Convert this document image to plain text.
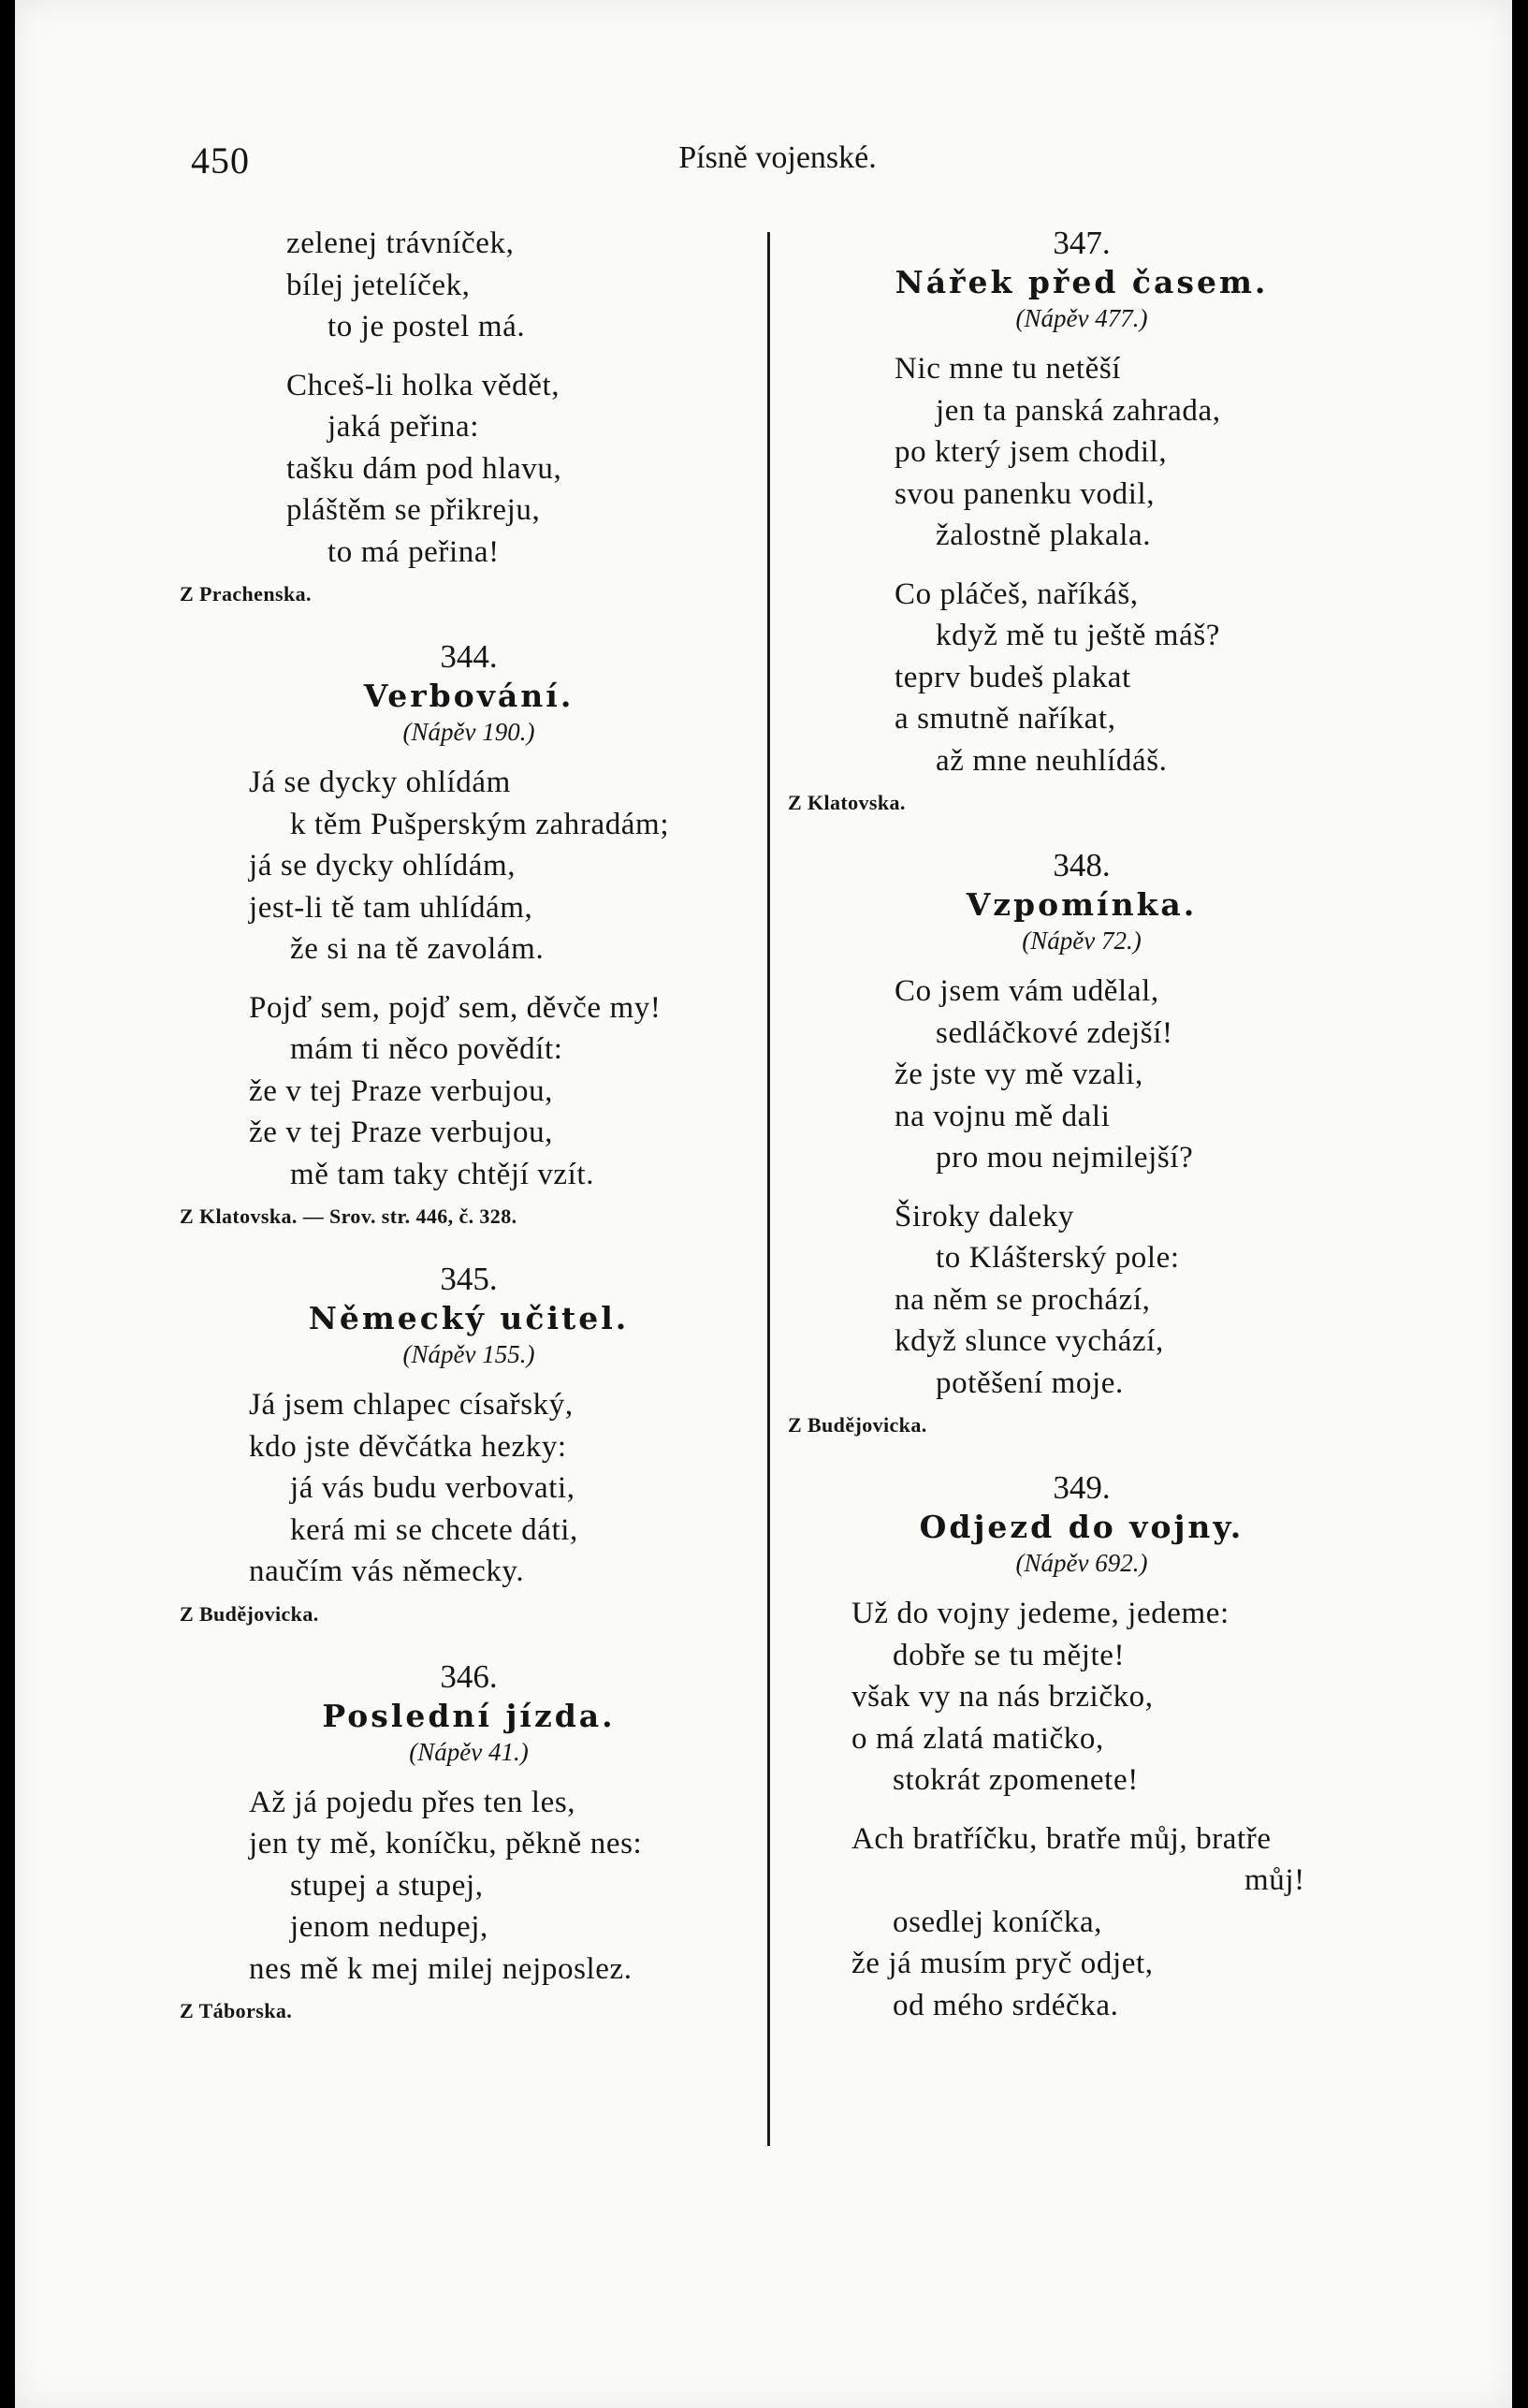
450	Písně vojenské.
zelenej trávníček,
bílej jetelíček,
to je postel má.
Chceš-li holka vědět,
jaká peřina:
tašku dám pod hlavu,
pláštěm se přikreju,
to má peřina!
Z Prachenska.
344.
Verbování.
(Nápěv 190.)
Já se dycky ohlídám
k těm Pušperským zahradám;
já se dycky ohlídám,
jest-li tě tam uhlídám,
že si na tě zavolám.
Pojď sem, pojď sem, děvče my!
mám ti něco povědít:
že v tej Praze verbujou,
že v tej Praze verbujou,
mě tam taky chtějí vzít.
Z Klatovska. — Srov. str. 446, č. 328.
345.
Německý učitel.
(Nápěv 155.)
Já jsem chlapec císařský,
kdo jste děvčátka hezky:
já vás budu verbovati,
kerá mi se chcete dáti,
naučím vás německy.
Z Budějovicka.
346.
Poslední jízda.
(Nápěv 41.)
Až já pojedu přes ten les,
jen ty mě, koníčku, pěkně nes:
stupej a stupej,
jenom nedupej,
nes mě k mej milej nejposlez.
Z Táborska.
347.
Nářek před časem.
(Nápěv 477.)
Nic mne tu netěší
jen ta panská zahrada,
po který jsem chodil,
svou panenku vodil,
žalostně plakala.
Co pláčeš, naříkáš,
když mě tu ještě máš?
teprv budeš plakat
a smutně naříkat,
až mne neuhlídáš.
Z Klatovska.
348.
Vzpomínka.
(Nápěv 72.)
Co jsem vám udělal,
sedláčkové zdejší!
že jste vy mě vzali,
na vojnu mě dali
pro mou nejmilejší?
Široky daleky
to Klášterský pole:
na něm se prochází,
když slunce vychází,
potěšení moje.
Z Budějovicka.
349.
Odjezd do vojny.
(Nápěv 692.)
Už do vojny jedeme, jedeme:
dobře se tu mějte!
však vy na nás brzičko,
o má zlatá matičko,
stokrát zpomenete!
Ach bratříčku, bratře můj, bratře
můj!
osedlej koníčka,
že já musím pryč odjet,
od mého srdéčka.
